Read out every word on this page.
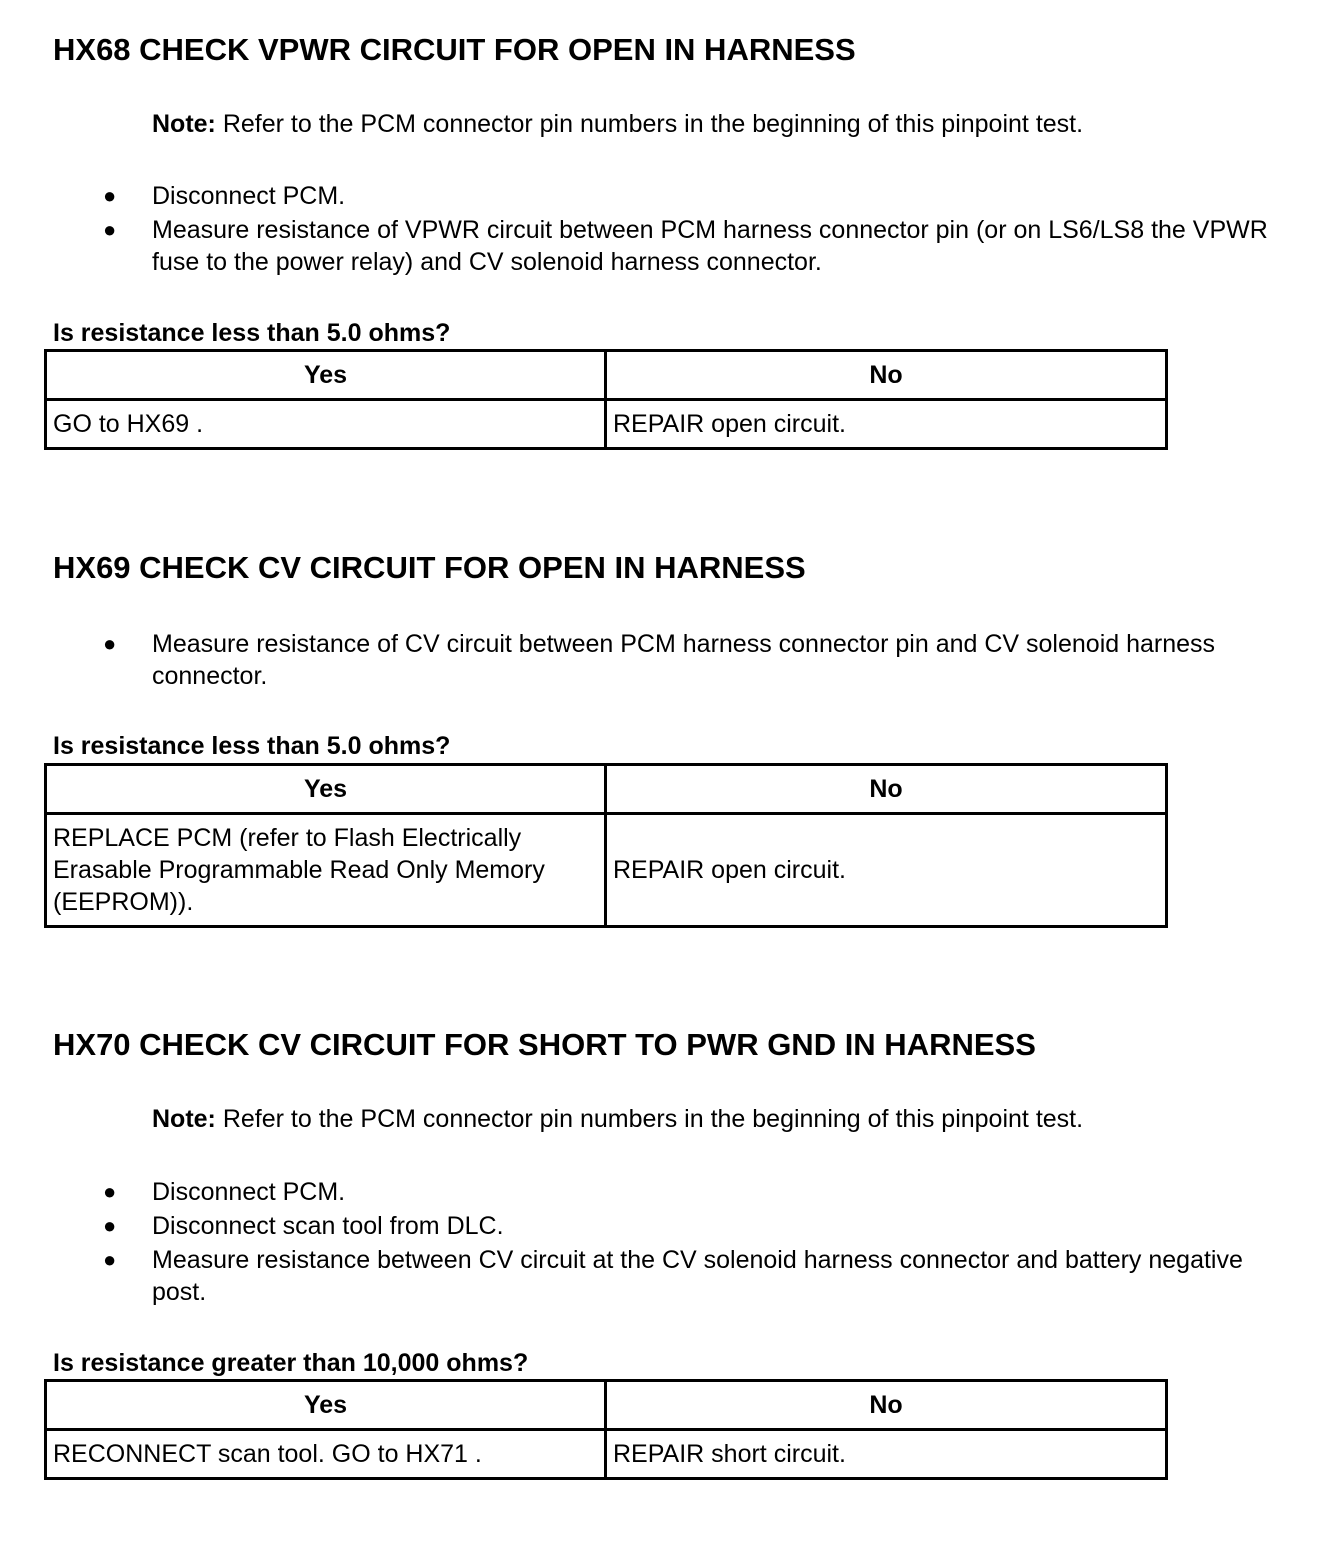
HX68 CHECK VPWR CIRCUIT FOR OPEN IN HARNESS
Note: Refer to the PCM connector pin numbers in the beginning of this pinpoint test.
● Disconnect PCM.
● Measure resistance of VPWR circuit between PCM harness connector pin (or on LS6/LS8 the VPWR fuse to the power relay) and CV solenoid harness connector.
Is resistance less than 5.0 ohms?
Yes	No
GO to HX69 .	REPAIR open circuit.
HX69 CHECK CV CIRCUIT FOR OPEN IN HARNESS
● Measure resistance of CV circuit between PCM harness connector pin and CV solenoid harness connector.
Is resistance less than 5.0 ohms?
Yes	No
REPLACE PCM (refer to Flash Electrically Erasable Programmable Read Only Memory (EEPROM)).	REPAIR open circuit.
HX70 CHECK CV CIRCUIT FOR SHORT TO PWR GND IN HARNESS
Note: Refer to the PCM connector pin numbers in the beginning of this pinpoint test.
● Disconnect PCM.
● Disconnect scan tool from DLC.
● Measure resistance between CV circuit at the CV solenoid harness connector and battery negative post.
Is resistance greater than 10,000 ohms?
Yes	No
RECONNECT scan tool. GO to HX71 .	REPAIR short circuit.
